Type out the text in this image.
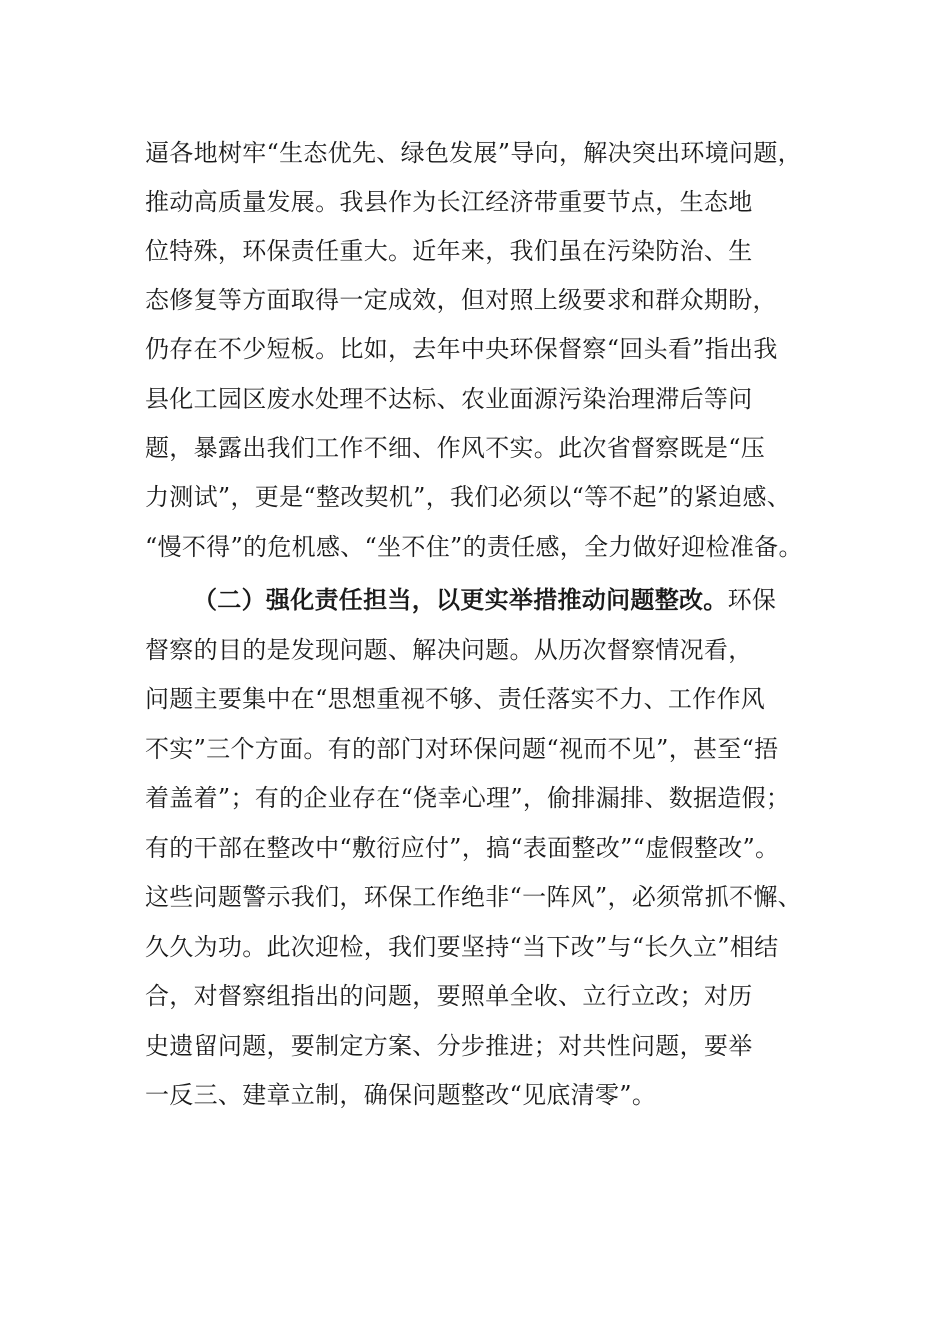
逼各地树牢“生态优先、绿色发展”导向，解决突出环境问题，
推动高质量发展。我县作为长江经济带重要节点，生态地
位特殊，环保责任重大。近年来，我们虽在污染防治、生
态修复等方面取得一定成效，但对照上级要求和群众期盼，
仍存在不少短板。比如，去年中央环保督察“回头看”指出我
县化工园区废水处理不达标、农业面源污染治理滞后等问
题，暴露出我们工作不细、作风不实。此次省督察既是“压
力测试”，更是“整改契机”，我们必须以“等不起”的紧迫感、
“慢不得”的危机感、“坐不住”的责任感，全力做好迎检准备。
（二）强化责任担当，以更实举措推动问题整改。环保
督察的目的是发现问题、解决问题。从历次督察情况看，
问题主要集中在“思想重视不够、责任落实不力、工作作风
不实”三个方面。有的部门对环保问题“视而不见”，甚至“捂
着盖着”；有的企业存在“侥幸心理”，偷排漏排、数据造假；
有的干部在整改中“敷衍应付”，搞“表面整改”“虚假整改”。
这些问题警示我们，环保工作绝非“一阵风”，必须常抓不懈、
久久为功。此次迎检，我们要坚持“当下改”与“长久立”相结
合，对督察组指出的问题，要照单全收、立行立改；对历
史遗留问题，要制定方案、分步推进；对共性问题，要举
一反三、建章立制，确保问题整改“见底清零”。
